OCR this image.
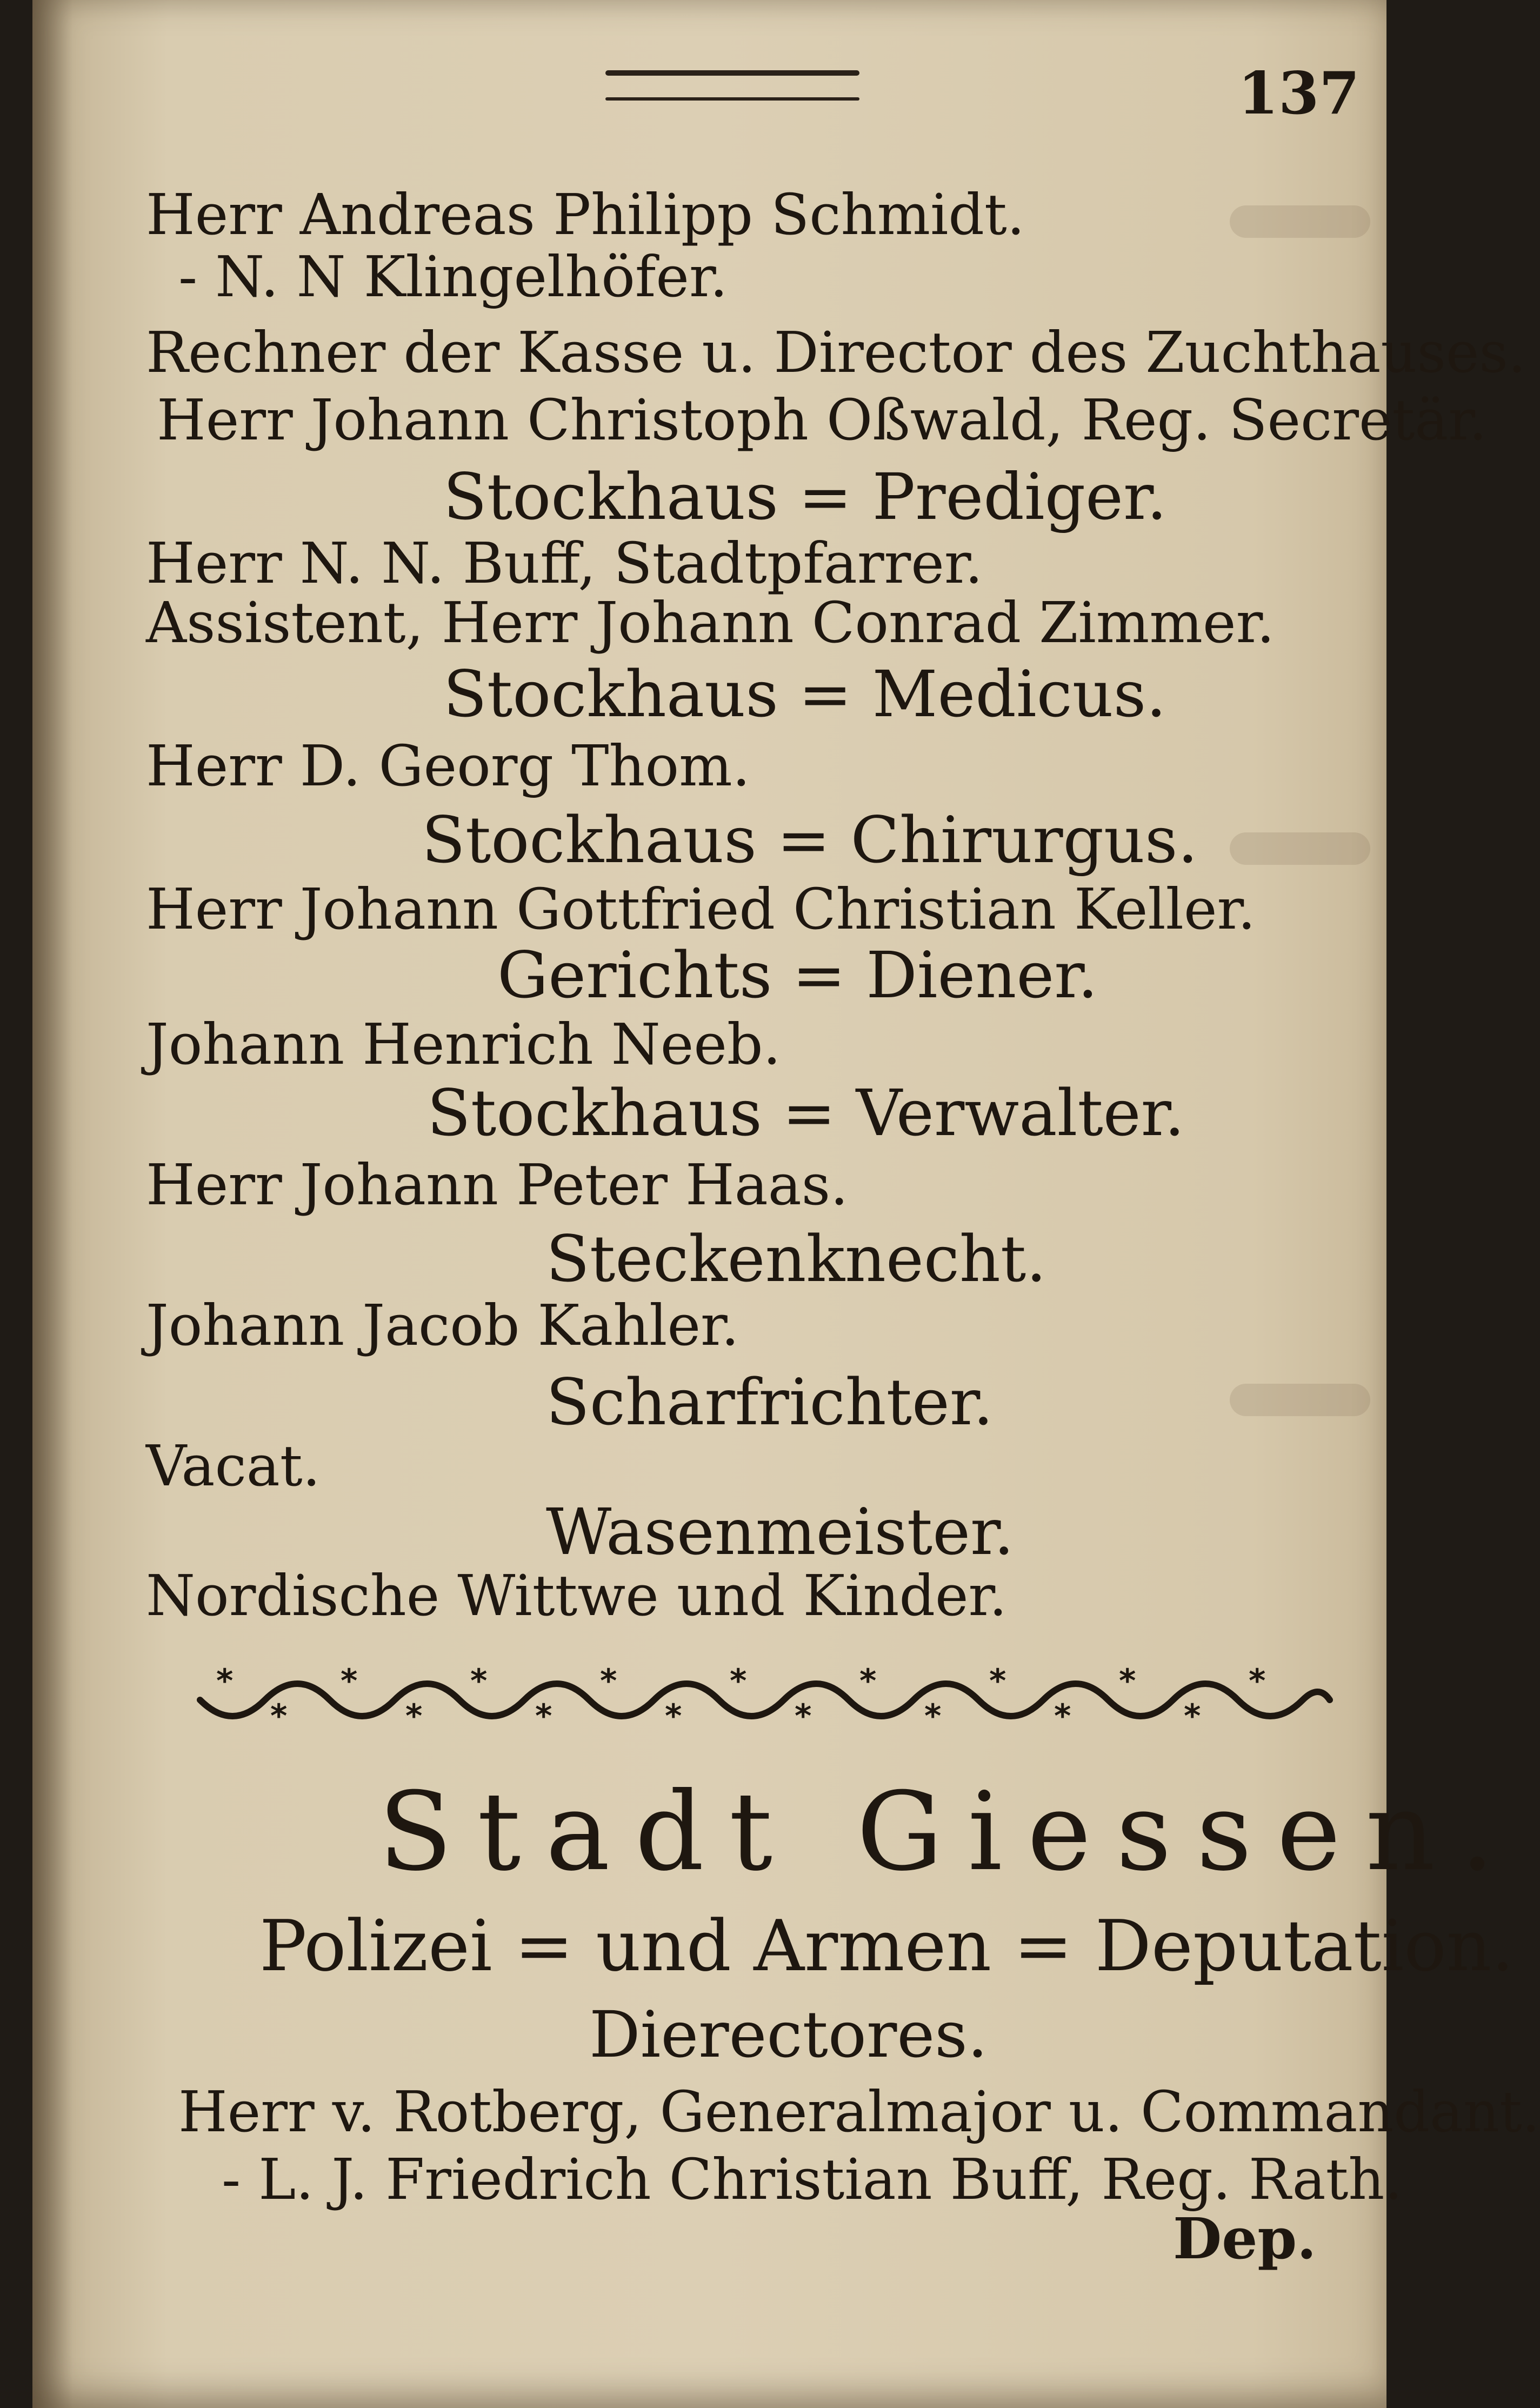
137
Herr Andreas Philipp Schmidt.
- N. N Klingelhöfer.
Rechner der Kasse u. Director des Zuchthauses.
Herr Johann Christoph Oßwald, Reg. Secretär.
Stockhaus = Prediger.
Herr N. N. Buff, Stadtpfarrer.
Assistent, Herr Johann Conrad Zimmer.
Stockhaus = Medicus.
Herr D. Georg Thom.
Stockhaus = Chirurgus.
Herr Johann Gottfried Christian Keller.
Gerichts = Diener.
Johann Henrich Neeb.
Stockhaus = Verwalter.
Herr Johann Peter Haas.
Steckenknecht.
Johann Jacob Kahler.
Scharfrichter.
Vacat.
Wasenmeister.
Nordische Wittwe und Kinder.
*	*	*	*	*	*	*	*	*
*	*	*	*	*	*	*	*
Stadt Giessen.
Polizei = und Armen = Deputation.
Dierectores.
Herr v. Rotberg, Generalmajor u. Commandant.
- L. J. Friedrich Christian Buff, Reg. Rath.
Dep.
